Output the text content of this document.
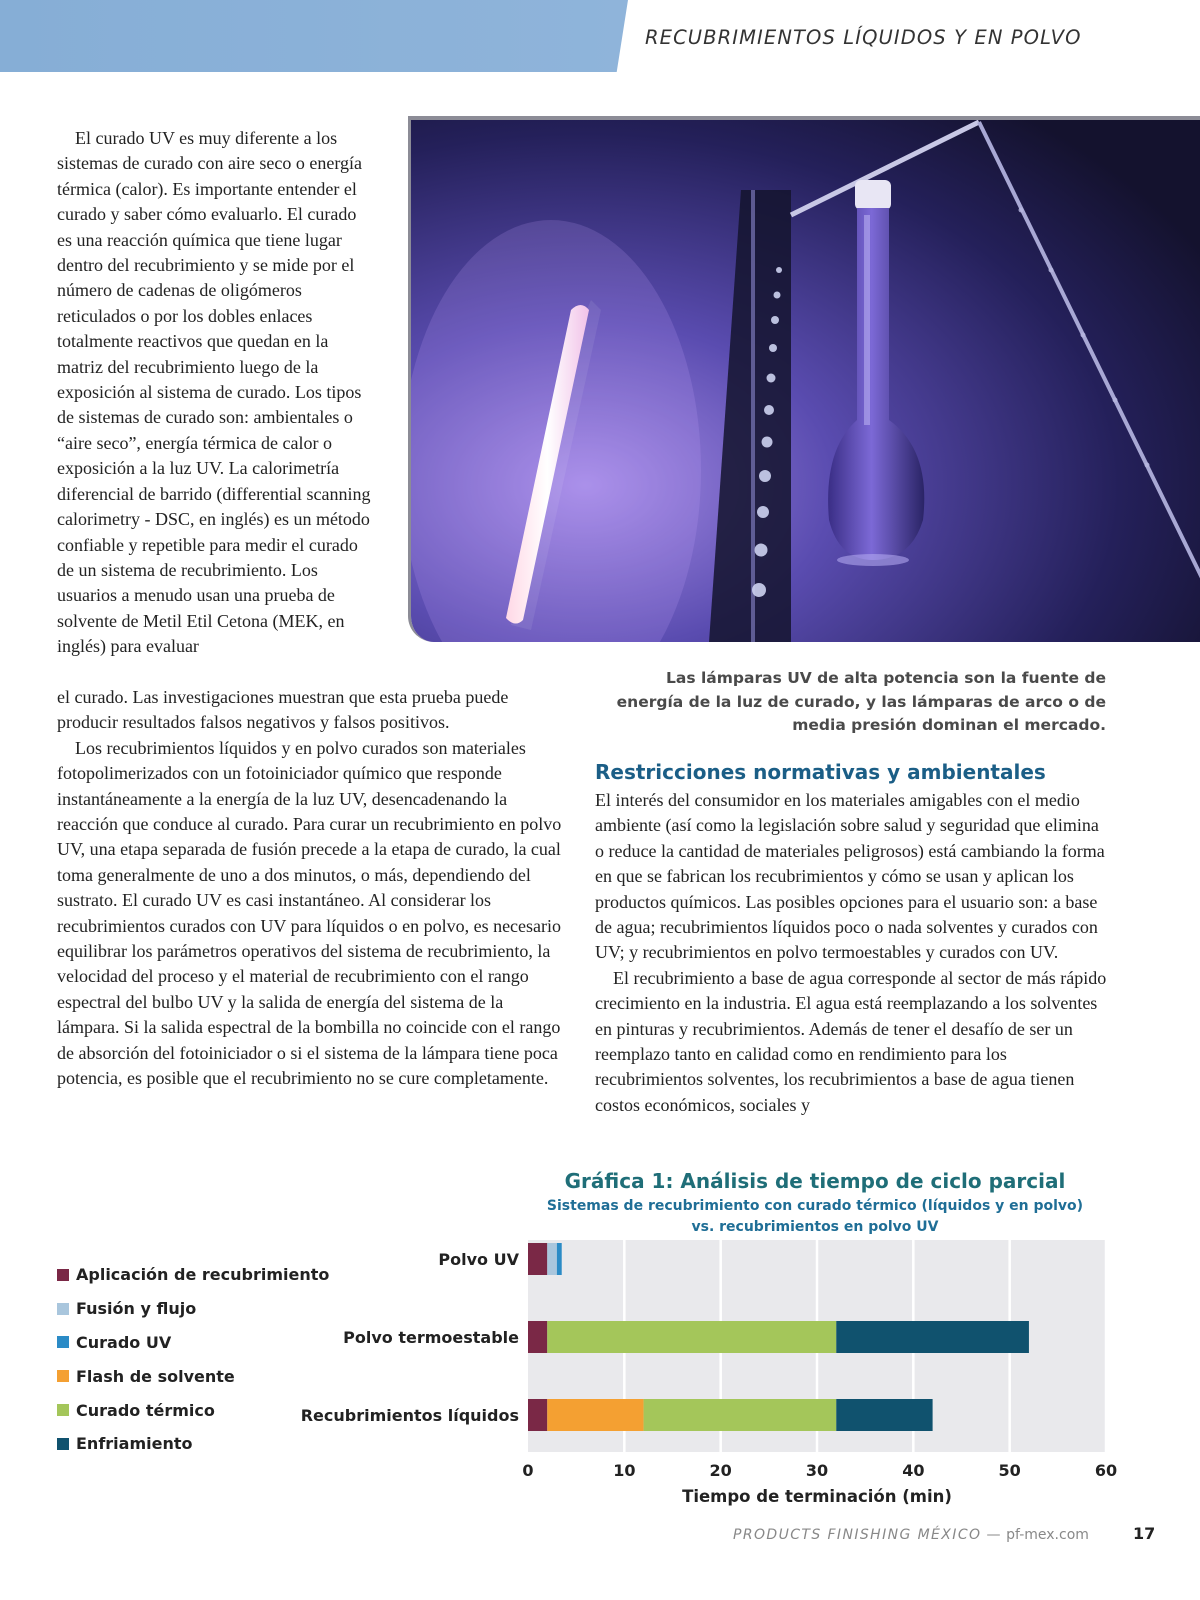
RECUBRIMIENTOS LÍQUIDOS Y EN POLVO

El curado UV es muy diferente a los sistemas de curado con aire seco o energía térmica (calor). Es importante entender el curado y saber cómo evaluarlo. El curado es una reacción química que tiene lugar dentro del recubrimiento y se mide por el número de cadenas de oligómeros reticulados o por los dobles enlaces totalmente reactivos que quedan en la matriz del recubrimiento luego de la exposición al sistema de curado. Los tipos de sistemas de curado son: ambientales o “aire seco”, energía térmica de calor o exposición a la luz UV. La calorimetría diferencial de barrido (differential scanning calorimetry - DSC, en inglés) es un método confiable y repetible para medir el curado de un sistema de recubrimiento. Los usuarios a menudo usan una prueba de solvente de Metil Etil Cetona (MEK, en inglés) para evaluar

Las lámparas UV de alta potencia son la fuente de energía de la luz de curado, y las lámparas de arco o de media presión dominan el mercado.

el curado. Las investigaciones muestran que esta prueba puede producir resultados falsos negativos y falsos positivos.

Los recubrimientos líquidos y en polvo curados son materiales fotopolimerizados con un fotoiniciador químico que responde instantáneamente a la energía de la luz UV, desencadenando la reacción que conduce al curado. Para curar un recubrimiento en polvo UV, una etapa separada de fusión precede a la etapa de curado, la cual toma generalmente de uno a dos minutos, o más, dependiendo del sustrato. El curado UV es casi instantáneo. Al considerar los recubrimientos curados con UV para líquidos o en polvo, es necesario equilibrar los parámetros operativos del sistema de recubrimiento, la velocidad del proceso y el material de recubrimiento con el rango espectral del bulbo UV y la salida de energía del sistema de la lámpara. Si la salida espectral de la bombilla no coincide con el rango de absorción del fotoiniciador o si el sistema de la lámpara tiene poca potencia, es posible que el recubrimiento no se cure completamente.

Restricciones normativas y ambientales

El interés del consumidor en los materiales amigables con el medio ambiente (así como la legislación sobre salud y seguridad que elimina o reduce la cantidad de materiales peligrosos) está cambiando la forma en que se fabrican los recubrimientos y cómo se usan y aplican los productos químicos. Las posibles opciones para el usuario son: a base de agua; recubrimientos líquidos poco o nada solventes y curados con UV; y recubrimientos en polvo termoestables y curados con UV.

El recubrimiento a base de agua corresponde al sector de más rápido crecimiento en la industria. El agua está reemplazando a los solventes en pinturas y recubrimientos. Además de tener el desafío de ser un reemplazo tanto en calidad como en rendimiento para los recubrimientos solventes, los recubrimientos a base de agua tienen costos económicos, sociales y

Gráfica 1: Análisis de tiempo de ciclo parcial
Sistemas de recubrimiento con curado térmico (líquidos y en polvo) vs. recubrimientos en polvo UV
Aplicación de recubrimiento
Fusión y flujo
Curado UV
Flash de solvente
Curado térmico
Enfriamiento
0	10	20	30	40	50	60
Polvo UV
Polvo termoestable
Recubrimientos líquidos
Tiempo de terminación (min)
PRODUCTS FINISHING MÉXICO — pf-mex.com	17
